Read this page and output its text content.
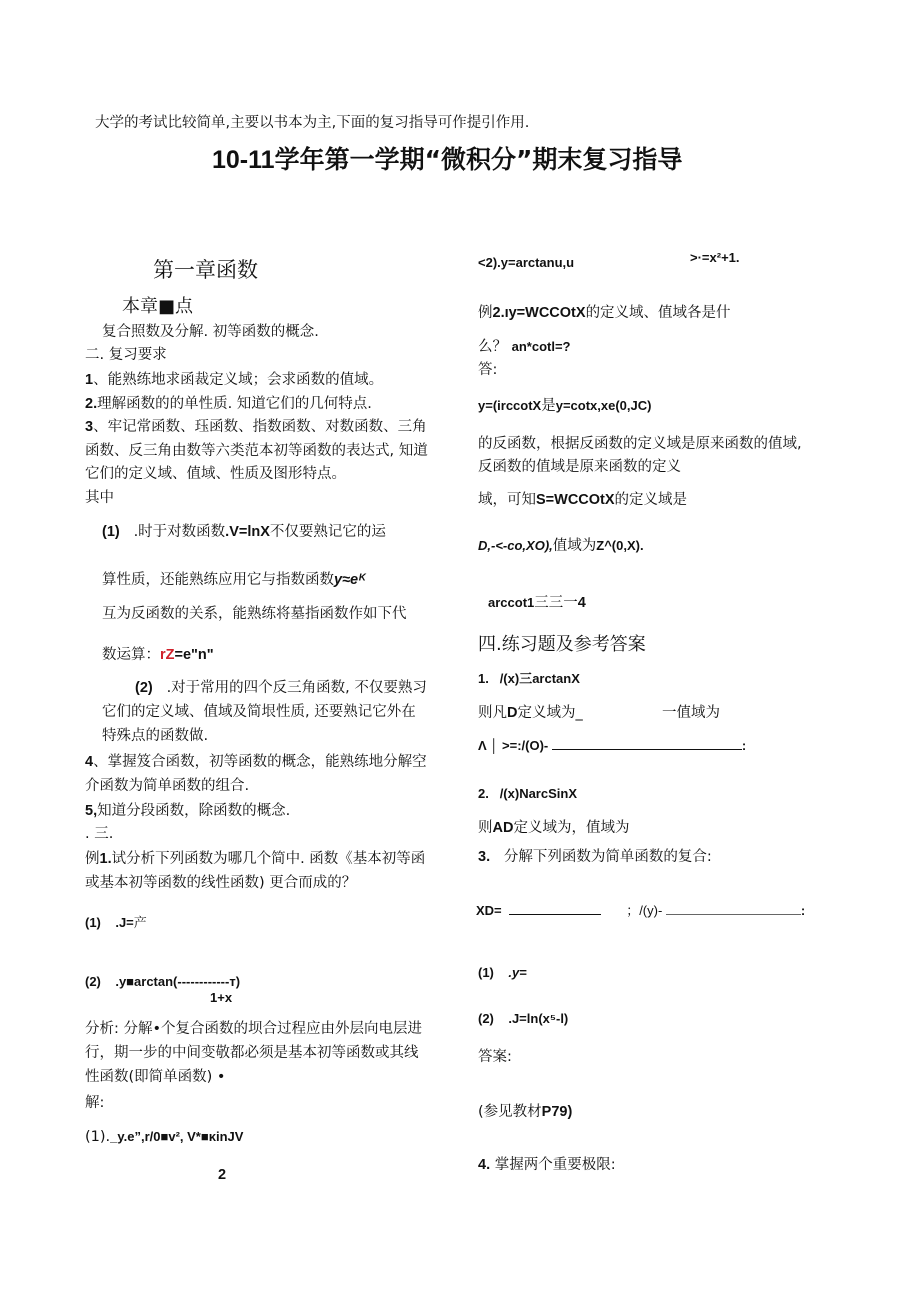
大学的考试比较简单,主要以书本为主,下面的复习指导可作提引作用.
10-11学年第一学期“微积分”期末复习指导
第一章函数
本章■点
复合照数及分解. 初等函数的概念.
二. 复习要求
1、能熟练地求函裁定义域；会求函数的值域。
2.理解函数的的单性质. 知道它们的几何特点.
3、牢记常函数、珏函数、指数函数、对数函数、三角
函数、反三角由数等六类范本初等函数的表达式, 知道
它们的定义域、值域、性质及图形特点。
其中
(1) .时于对数函数.V=lnX不仅要熟记它的运
算性质，还能熟练应用它与指数函数y≈eᴷ
互为反函数的关系，能熟练将墓指函数作如下代
数运算：rZ=e"n"
(2) .对于常用的四个反三角函数, 不仅要熟习
它们的定义域、值域及简垠性质, 还要熟记它外在
特殊点的函数做.
4、掌握笈合函数，初等函数的概念，能熟练地分解空
介函数为简单函数的组合.
5,知道分段函数，除函数的概念.
. 三.
例1.试分析下列函数为哪几个简中. 函数《基本初等函
或基本初等函数的线性函数) 更合而成的？
(1) .J=产
(2) .y■arctan(------------т)
1+x
分析: 分解•个复合函数的坝合过程应由外层向电层进
行，期一步的中间变敬都必须是基本初等函数或其线
性函数(即简单函数) •
解:
(1)._y.e”,r/0■v², V*■κinJV
2
<2).y=arctanu,u	>·=x²+1.
例2.ıy=WCCOtX的定义域、值域各是什
么？ an*cotl=?
答:
y=(irccotX是y=cotx,xe(0,JC)
的反函数，根据反函数的定义域是原来函数的值域,
反函数的值域是原来函数的定义
域，可知S=WCCOtX的定义域是
D,-<-co,XO),值域为Z^(0,X).
arccot1三三一4
四.练习题及参考答案
1. /(x)三arctanX
则凡D定义域为_	一值域为
Λ │ >=:/(O)-	:
2. /(x)NarcSinX
则AD定义域为，值域为
3. 分解下列函数为简单函数的复合:
XD=	；/(y)-	:
(1) .y=
(2) .J=ln(x⁵-l)
答案:
(参见教材P79)
4. 掌握两个重要极限:
